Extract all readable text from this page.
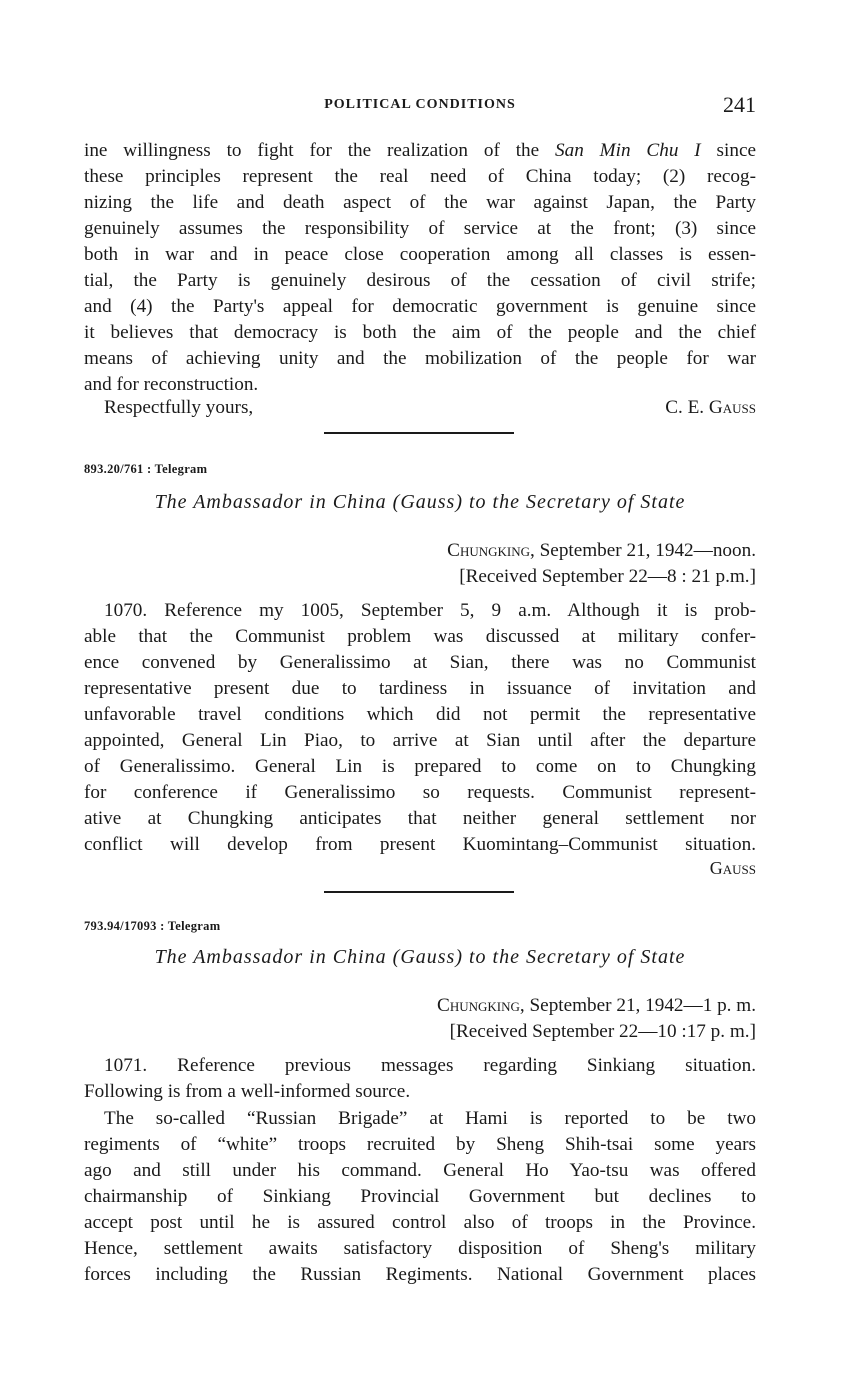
POLITICAL CONDITIONS	241
ine willingness to fight for the realization of the San Min Chu I since
these principles represent the real need of China today; (2) recog-
nizing the life and death aspect of the war against Japan, the Party
genuinely assumes the responsibility of service at the front; (3) since
both in war and in peace close cooperation among all classes is essen-
tial, the Party is genuinely desirous of the cessation of civil strife;
and (4) the Party's appeal for democratic government is genuine since
it believes that democracy is both the aim of the people and the chief
means of achieving unity and the mobilization of the people for war
and for reconstruction.
Respectfully yours,	C. E. Gauss
893.20/761 : Telegram
The Ambassador in China (Gauss) to the Secretary of State
Chungking, September 21, 1942—noon.
[Received September 22—8 : 21 p.m.]
1070. Reference my 1005, September 5, 9 a.m. Although it is prob-
able that the Communist problem was discussed at military confer-
ence convened by Generalissimo at Sian, there was no Communist
representative present due to tardiness in issuance of invitation and
unfavorable travel conditions which did not permit the representative
appointed, General Lin Piao, to arrive at Sian until after the departure
of Generalissimo. General Lin is prepared to come on to Chungking
for conference if Generalissimo so requests. Communist represent-
ative at Chungking anticipates that neither general settlement nor
conflict will develop from present Kuomintang–Communist situation.
Gauss
793.94/17093 : Telegram
The Ambassador in China (Gauss) to the Secretary of State
Chungking, September 21, 1942—1 p. m.
[Received September 22—10 :17 p. m.]
1071. Reference previous messages regarding Sinkiang situation.
Following is from a well-informed source.
The so-called “Russian Brigade” at Hami is reported to be two
regiments of “white” troops recruited by Sheng Shih-tsai some years
ago and still under his command. General Ho Yao-tsu was offered
chairmanship of Sinkiang Provincial Government but declines to
accept post until he is assured control also of troops in the Province.
Hence, settlement awaits satisfactory disposition of Sheng's military
forces including the Russian Regiments. National Government places
